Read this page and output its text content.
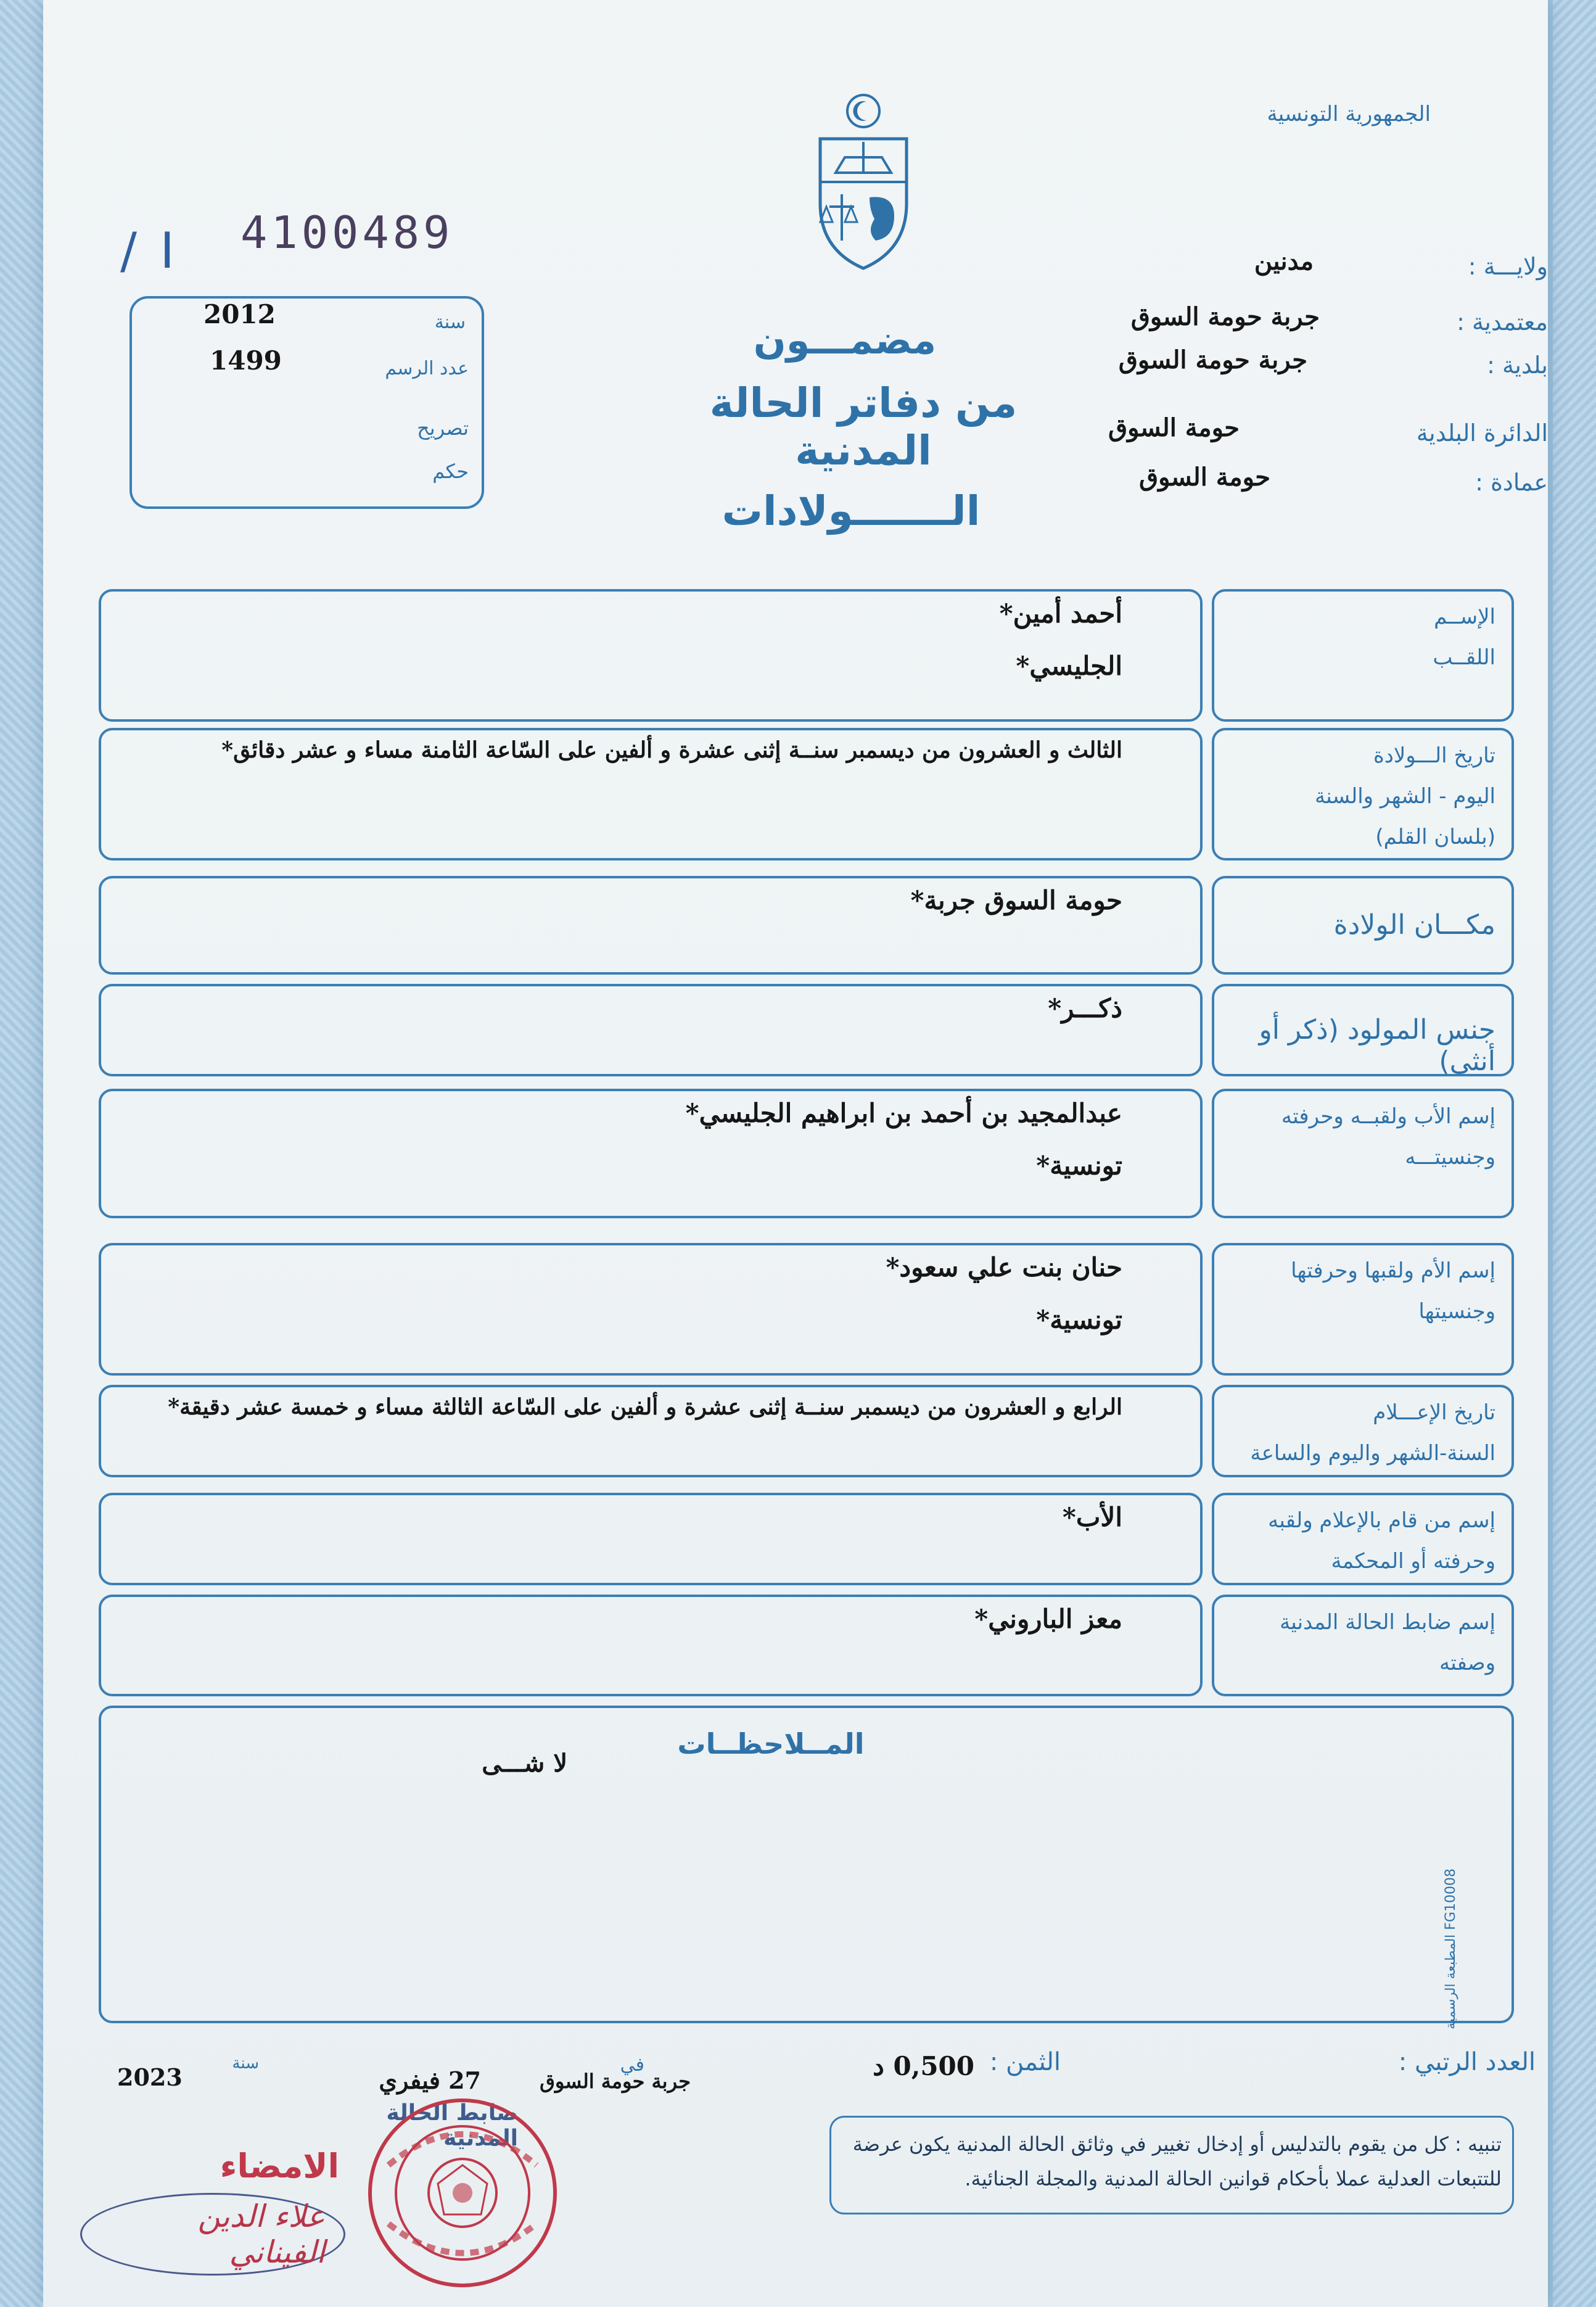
الجمهورية التونسية
/ I 4100489
سنة
2012
عدد الرسم
1499
تصريح
حكم
مضمـــون
من دفاتر الحالة المدنية
الـــــــولادات
ولايـــة :
مدنين
معتمدية :
جربة حومة السوق
بلدية :
جربة حومة السوق
الدائرة البلدية
حومة السوق
عمادة :
حومة السوق
الإســم
اللقــب
أحمد أمين*
الجليسي*
تاريخ الـــولادة
اليوم - الشهر والسنة
(بلسان القلم)
الثالث و العشرون من ديسمبر سنــة إثنى عشرة و ألفين على السّاعة الثامنة مساء و عشر دقائق*
مكـــان الولادة
حومة السوق جربة*
جنس المولود (ذكر أو أنثى)
ذكـــر*
إسم الأب ولقبــه وحرفته
وجنسيتـــه
عبدالمجيد بن أحمد بن ابراهيم الجليسي*
تونسية*
إسم الأم ولقبها وحرفتها
وجنسيتها
حنان بنت علي سعود*
تونسية*
تاريخ الإعـــلام
السنة-الشهر واليوم والساعة
الرابع و العشرون من ديسمبر سنــة إثنى عشرة و ألفين على السّاعة الثالثة مساء و خمسة عشر دقيقة*
إسم من قام بالإعلام ولقبه
وحرفته أو المحكمة
الأب*
إسم ضابط الحالة المدنية
وصفته
معز الباروني*
المــلاحظــات
لا شـــى
المطبعة الرسمية FG10008
العدد الرتبي :
الثمن :
0,500 د
في
جربة حومة السوق
27 فيفري
سنة
2023
ضابط الحالة المدنية
الامضاء
علاء الدين الفيناني
تنبيه : كل من يقوم بالتدليس أو إدخال تغيير في وثائق الحالة المدنية يكون عرضة للتتبعات العدلية عملا بأحكام قوانين الحالة المدنية والمجلة الجنائية.
